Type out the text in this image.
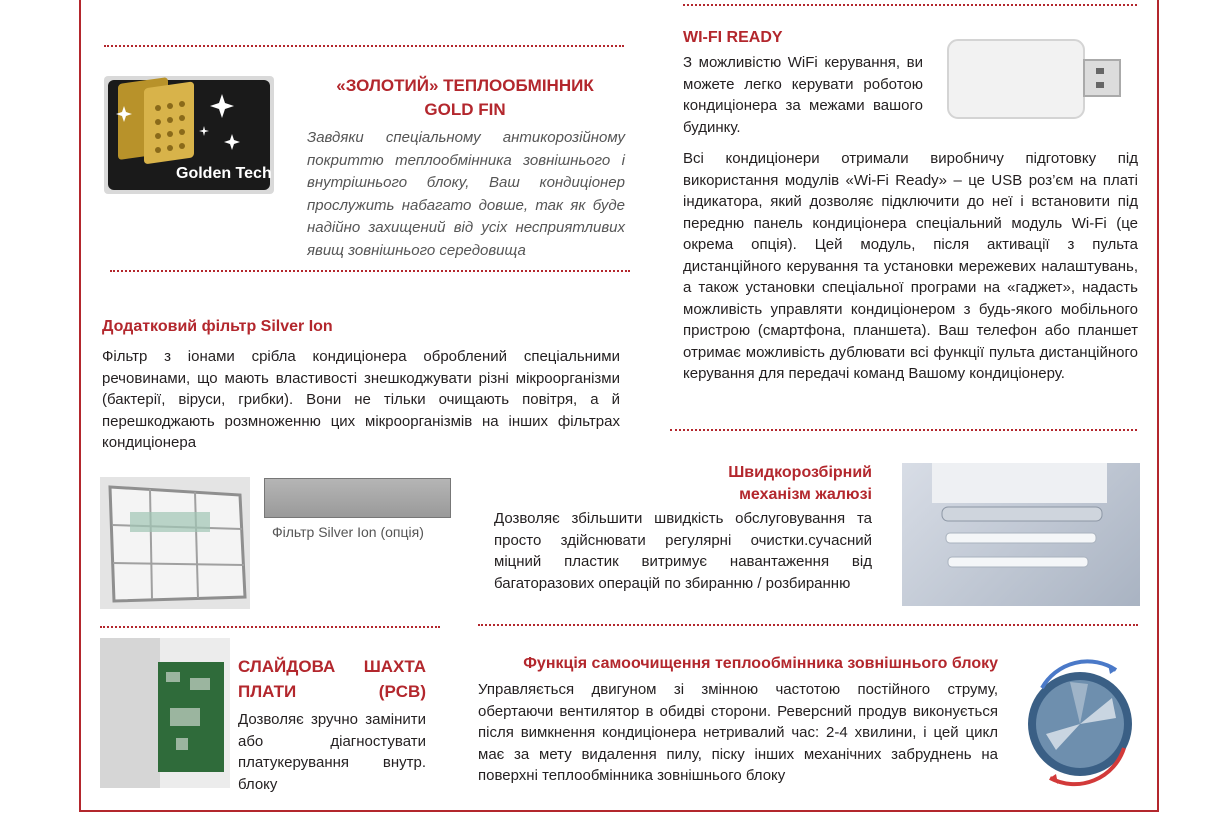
Golden Tech
«ЗОЛОТИЙ» ТЕПЛООБМІННИК
GOLD FIN
Завдяки спеціальному антикорозійному покриттю теплообмінника зовнішнього і внутрішнього блоку, Ваш кондиціонер прослужить набагато довше, так як буде надійно захищений від усіх несприятливих явищ зовнішнього середовища
Додатковий фільтр Silver Ion
Фільтр з іонами срібла кондиціонера оброблений спеціальними речовинами, що мають властивості знешкоджувати різні мікроорганізми (бактерії, віруси, грибки). Вони не тільки очищають повітря, а й перешкоджають розмноженню цих мікроорганізмів на інших фільтрах кондиціонера
Фільтр Silver Ion (опція)
WI-FI READY
З можливістю WiFi керування, ви можете легко керувати роботою кондиціонера за межами вашого будинку.
Всі кондиціонери отримали виробничу підготовку під використання модулів «Wi-Fi Ready» – це USB роз’єм на платі індикатора, який дозволяє підключити до неї і встановити під передню панель кондиціонера спеціальний модуль Wi-Fi (це окрема опція). Цей модуль, після активації з пульта дистанційного керування та установки мережевих налаштувань, а також установки спеціальної програми на «гаджет», надасть можливість управляти кондиціонером з будь-якого мобільного пристрою (смартфона, планшета). Ваш телефон або планшет отримає можливість дублювати всі функції пульта дистанційного керування для передачі команд Вашому кондиціонеру.
Швидкорозбірний
механізм жалюзі
Дозволяє збільшити швидкість обслуговування та просто здійснювати регулярні очистки.сучасний міцний пластик витримує навантаження від багаторазових операцій по збиранню / розбиранню
СЛАЙДОВА ШАХТА ПЛАТИ (PCB)
Дозволяє зручно замінити або діагностувати платукерування внутр. блоку
Функція самоочищення теплообмінника зовнішнього блоку
Управляється двигуном зі змінною частотою постійного струму, обертаючи вентилятор в обидві сторони. Реверсний продув виконується після вимкнення кондиціонера нетривалий час: 2-4 хвилини, і цей цикл має за мету видалення пилу, піску інших механічних забруднень на поверхні теплообмінника зовнішнього блоку
